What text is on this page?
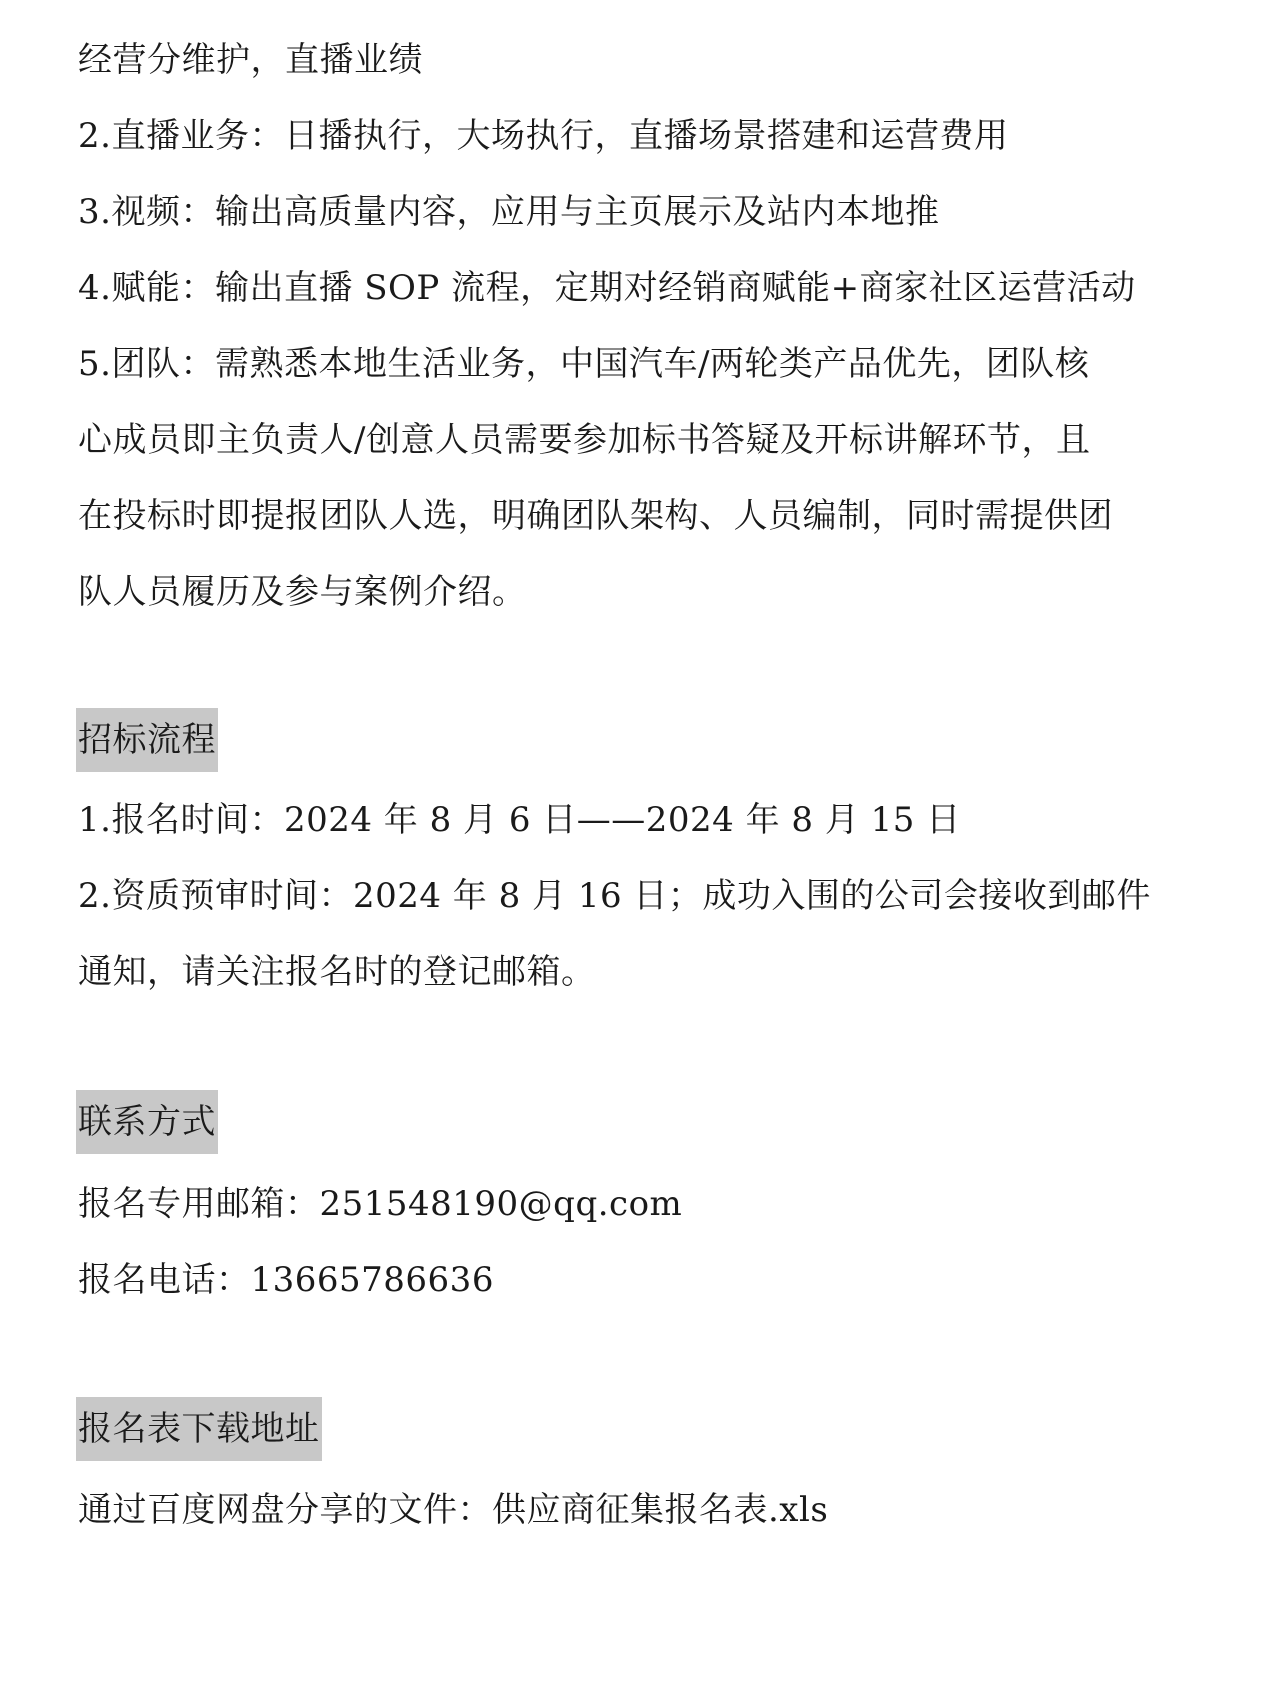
经营分维护，直播业绩
2.直播业务：日播执行，大场执行，直播场景搭建和运营费用
3.视频：输出高质量内容，应用与主页展示及站内本地推
4.赋能：输出直播 SOP 流程，定期对经销商赋能+商家社区运营活动
5.团队：需熟悉本地生活业务，中国汽车/两轮类产品优先，团队核
心成员即主负责人/创意人员需要参加标书答疑及开标讲解环节，且
在投标时即提报团队人选，明确团队架构、人员编制，同时需提供团
队人员履历及参与案例介绍。
招标流程
1.报名时间：2024 年 8 月 6 日——2024 年 8 月 15 日
2.资质预审时间：2024 年 8 月 16 日；成功入围的公司会接收到邮件
通知，请关注报名时的登记邮箱。
联系方式
报名专用邮箱：251548190@qq.com
报名电话：13665786636
报名表下载地址
通过百度网盘分享的文件：供应商征集报名表.xls
